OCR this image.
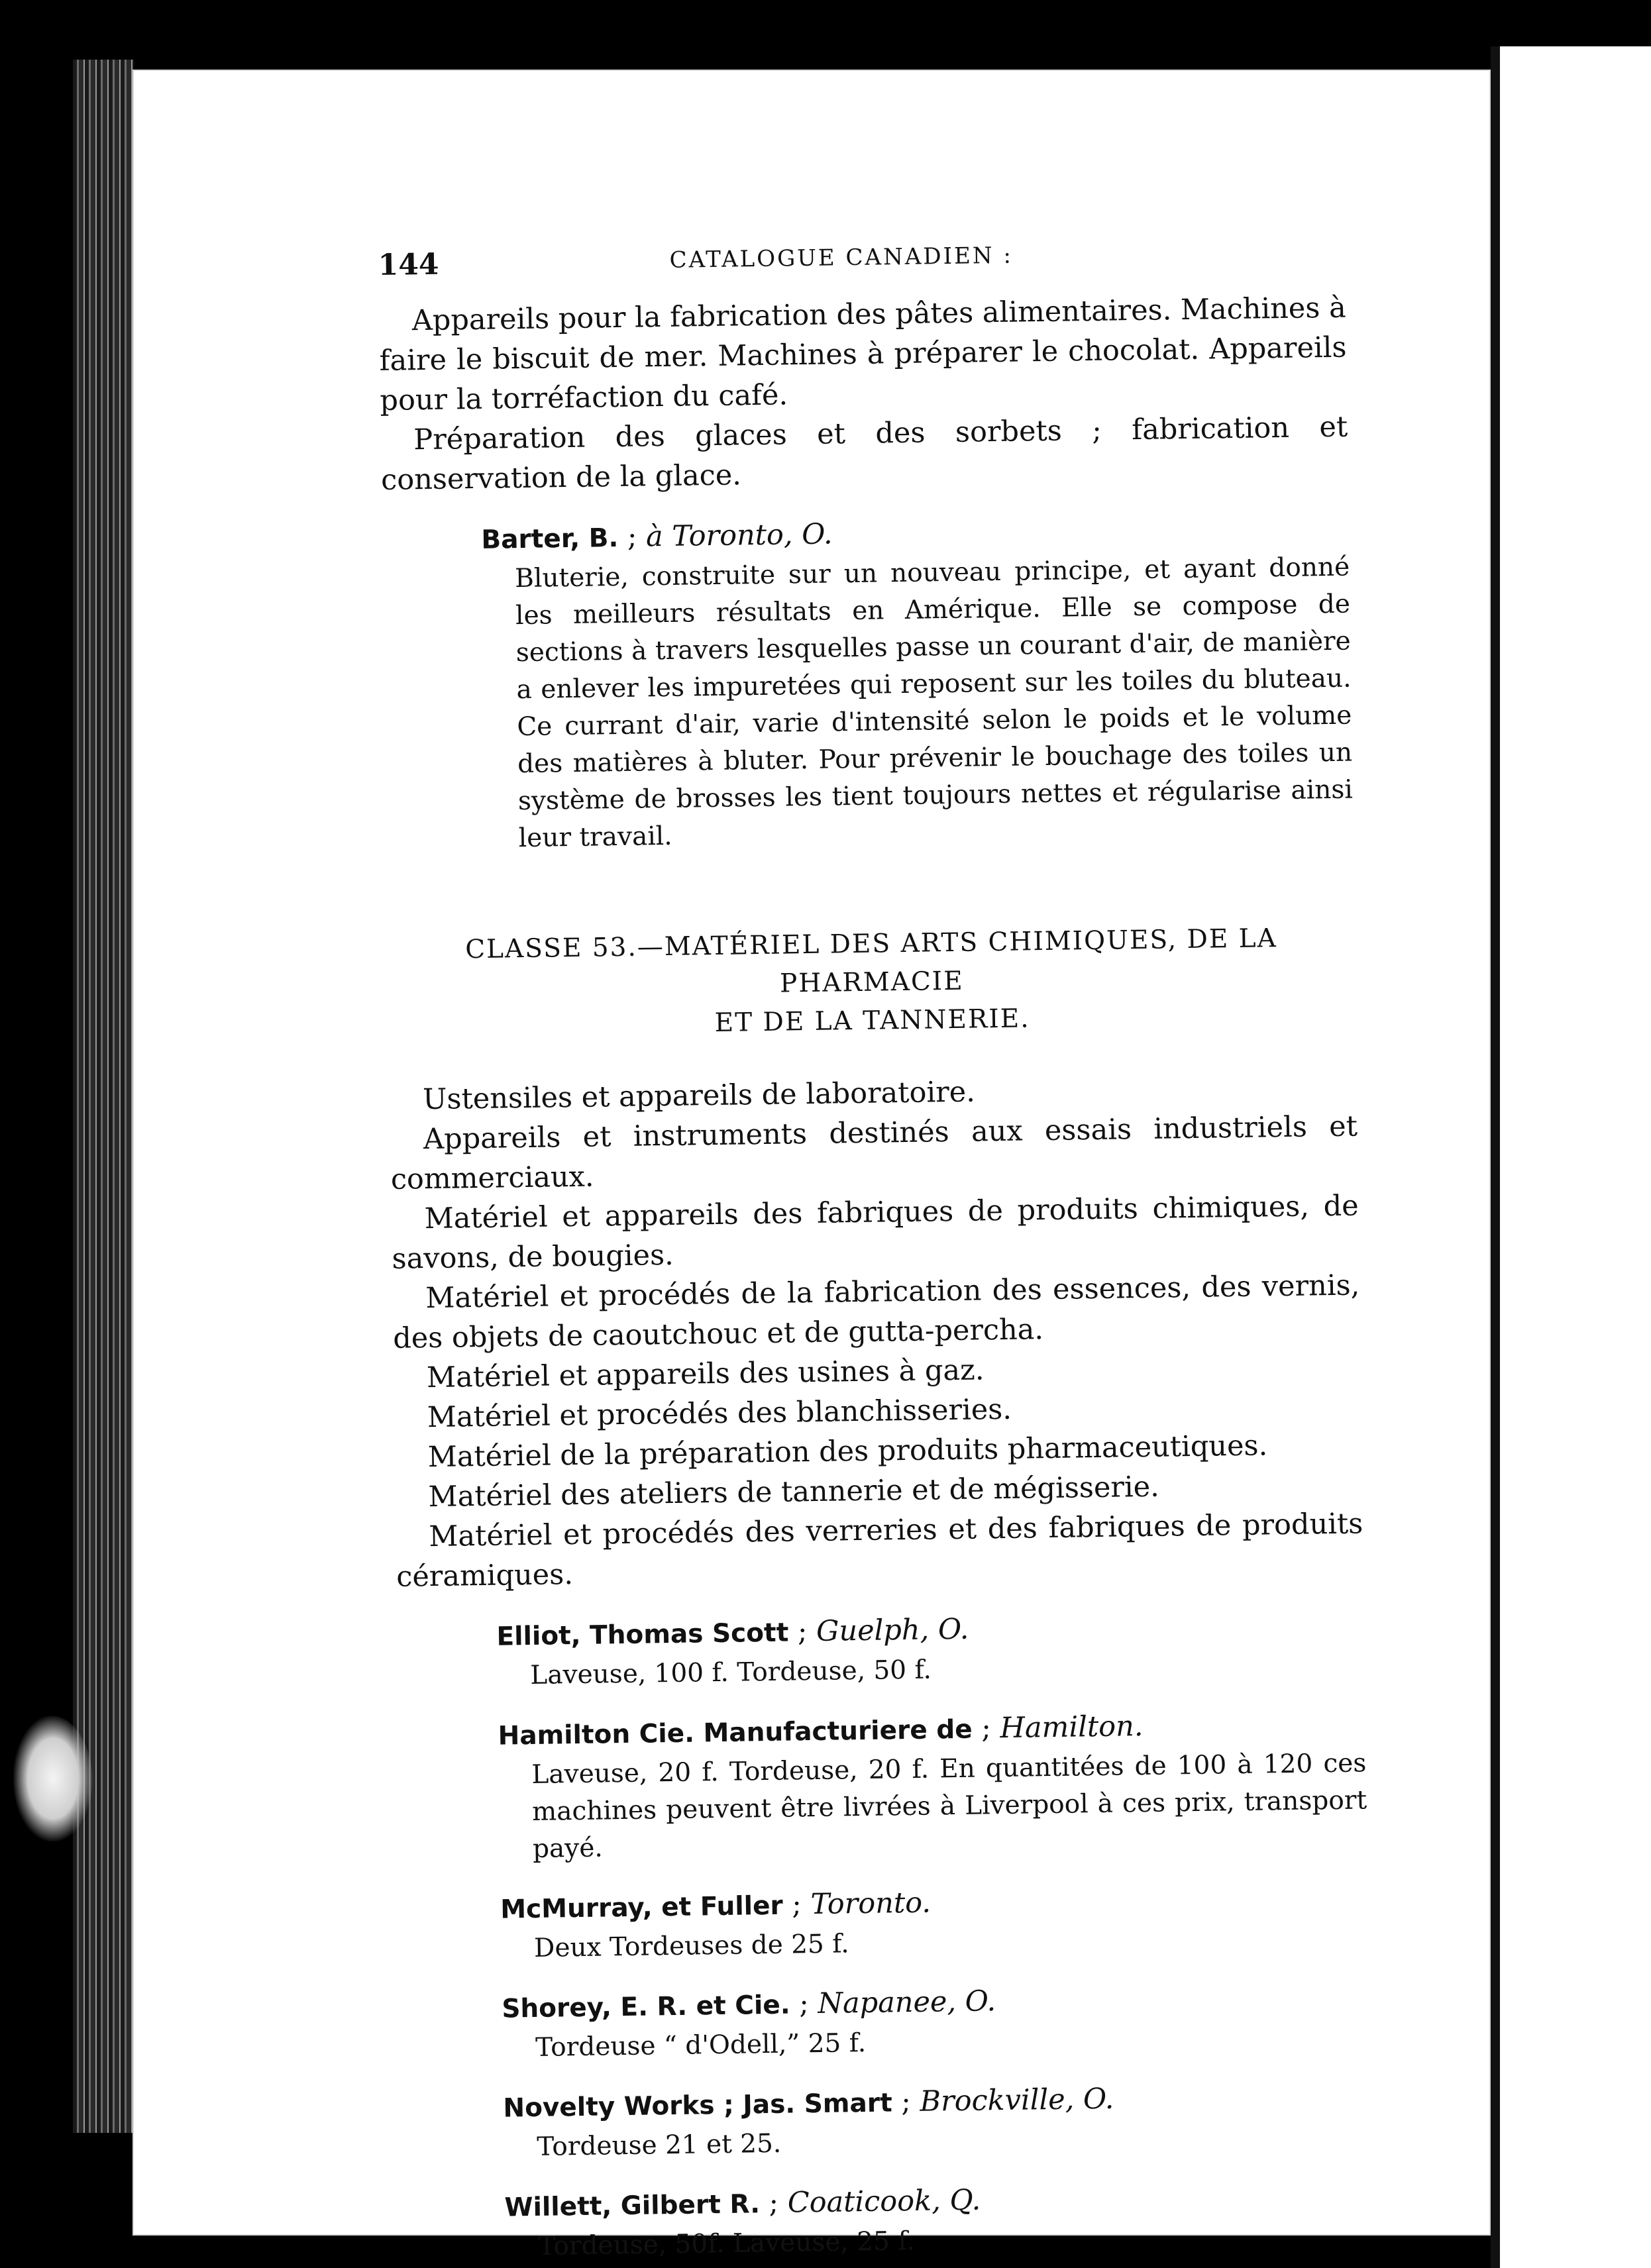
144	CATALOGUE CANADIEN :

Appareils pour la fabrication des pâtes alimentaires. Machines à faire le biscuit de mer. Machines à préparer le chocolat. Appareils pour la torréfaction du café.

Préparation des glaces et des sorbets ; fabrication et conservation de la glace.

Barter, B. ; à Toronto, O.
Bluterie, construite sur un nouveau principe, et ayant donné les meilleurs résultats en Amérique. Elle se compose de sections à travers lesquelles passe un courant d'air, de manière a enlever les impuretées qui reposent sur les toiles du bluteau. Ce currant d'air, varie d'intensité selon le poids et le volume des matières à bluter. Pour prévenir le bouchage des toiles un système de brosses les tient toujours nettes et régularise ainsi leur travail.
CLASSE 53.—MATÉRIEL DES ARTS CHIMIQUES, DE LA PHARMACIE
ET DE LA TANNERIE.

Ustensiles et appareils de laboratoire.

Appareils et instruments destinés aux essais industriels et commerciaux.

Matériel et appareils des fabriques de produits chimiques, de savons, de bougies.

Matériel et procédés de la fabrication des essences, des vernis, des objets de caoutchouc et de gutta-percha.

Matériel et appareils des usines à gaz.

Matériel et procédés des blanchisseries.

Matériel de la préparation des produits pharmaceutiques.

Matériel des ateliers de tannerie et de mégisserie.

Matériel et procédés des verreries et des fabriques de produits céramiques.

Elliot, Thomas Scott ; Guelph, O.
Laveuse, 100 f. Tordeuse, 50 f.
Hamilton Cie. Manufacturiere de ; Hamilton.
Laveuse, 20 f. Tordeuse, 20 f. En quantitées de 100 à 120 ces machines peuvent être livrées à Liverpool à ces prix, transport payé.
McMurray, et Fuller ; Toronto.
Deux Tordeuses de 25 f.
Shorey, E. R. et Cie. ; Napanee, O.
Tordeuse “ d'Odell,” 25 f.
Novelty Works ; Jas. Smart ; Brockville, O.
Tordeuse 21 et 25.
Willett, Gilbert R. ; Coaticook, Q.
Tordeuse, 50f. Laveuse, 25 f.
